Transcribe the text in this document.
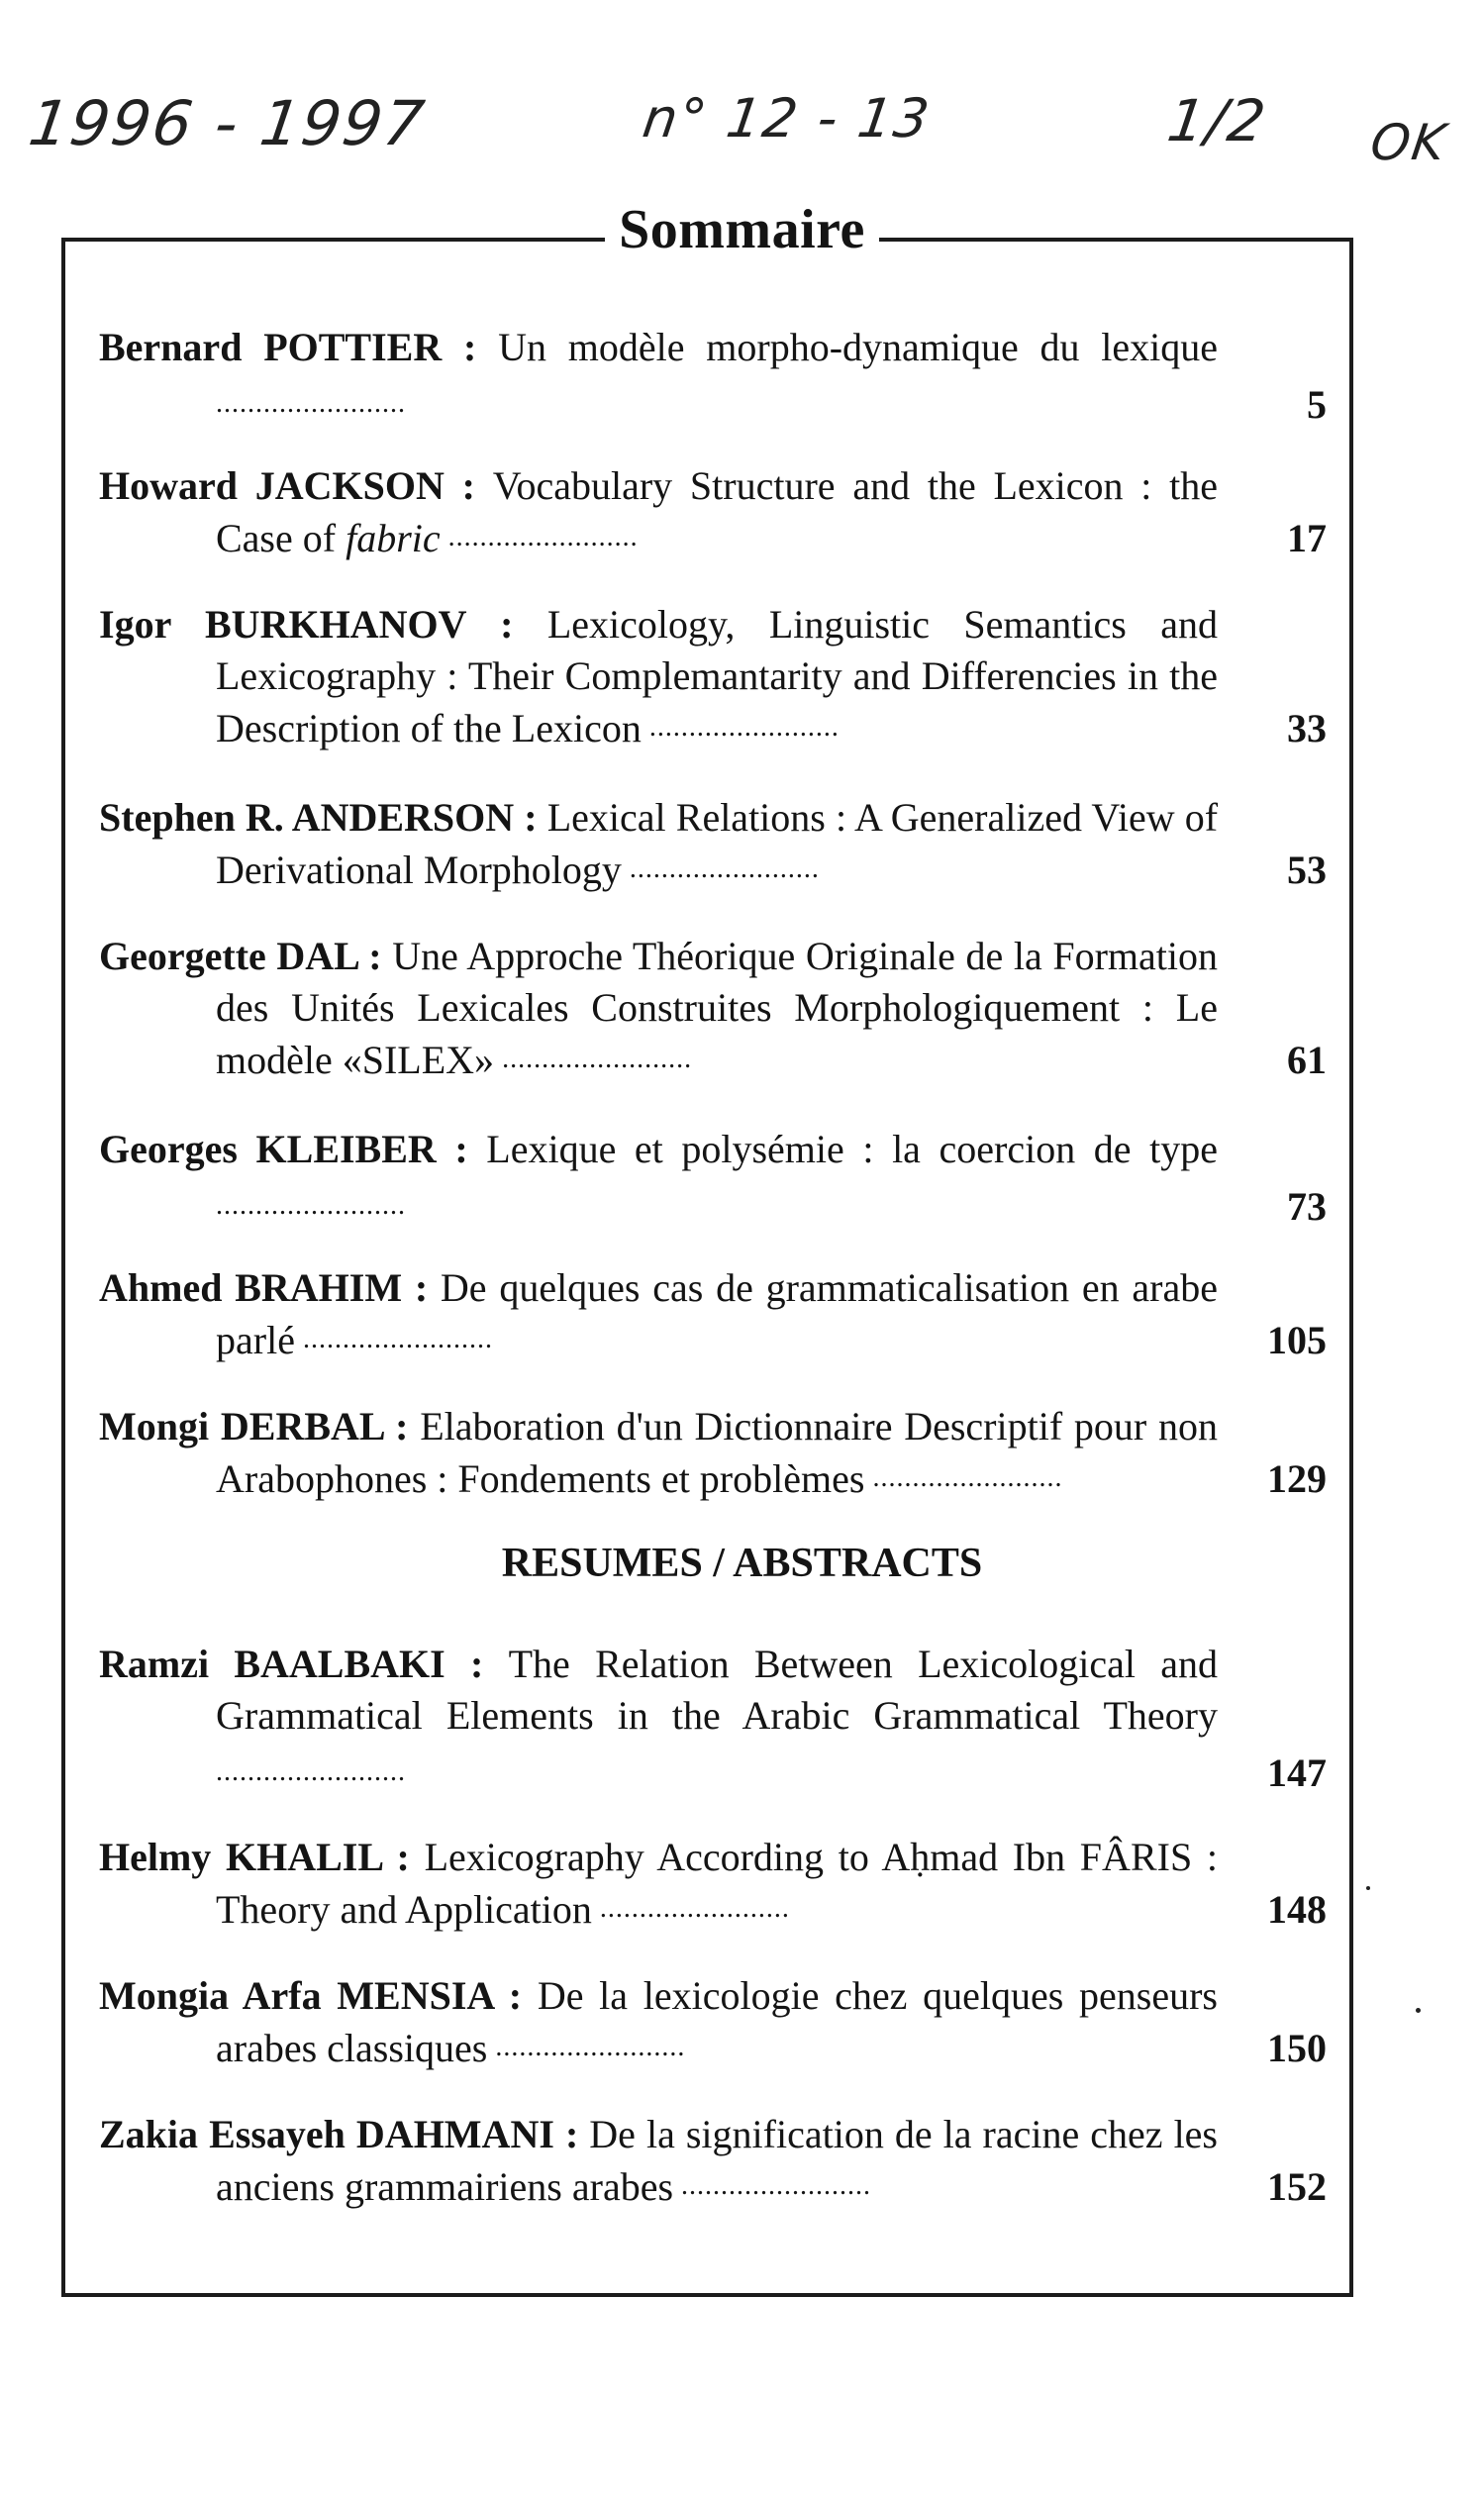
1996 - 1997	n° 12 - 13	1/2 OK
Sommaire
Bernard POTTIER : Un modèle morpho-dynamique du lexique ........................	5
Howard JACKSON : Vocabulary Structure and the Lexicon : the Case of fabric ........................	17
Igor BURKHANOV : Lexicology, Linguistic Semantics and Lexicography : Their Complemantarity and Differencies in the Description of the Lexicon ........................	33
Stephen R. ANDERSON : Lexical Relations : A Generalized View of Derivational Morphology ........................	53
Georgette DAL : Une Approche Théorique Originale de la Formation des Unités Lexicales Construites Morphologiquement : Le modèle «SILEX» ........................	61
Georges KLEIBER : Lexique et polysémie : la coercion de type ........................	73
Ahmed BRAHIM : De quelques cas de grammaticalisation en arabe parlé ........................	105
Mongi DERBAL : Elaboration d'un Dictionnaire Descriptif pour non Arabophones : Fondements et problèmes ........................	129
Ramzi BAALBAKI : The Relation Between Lexicological and Grammatical Elements in the Arabic Grammatical Theory ........................	147
Helmy KHALIL : Lexicography According to Aḥmad Ibn FÂRIS : Theory and Application ........................	148
Mongia Arfa MENSIA : De la lexicologie chez quelques penseurs arabes classiques ........................	150
Zakia Essayeh DAHMANI : De la signification de la racine chez les anciens grammairiens arabes ........................	152
RESUMES / ABSTRACTS
